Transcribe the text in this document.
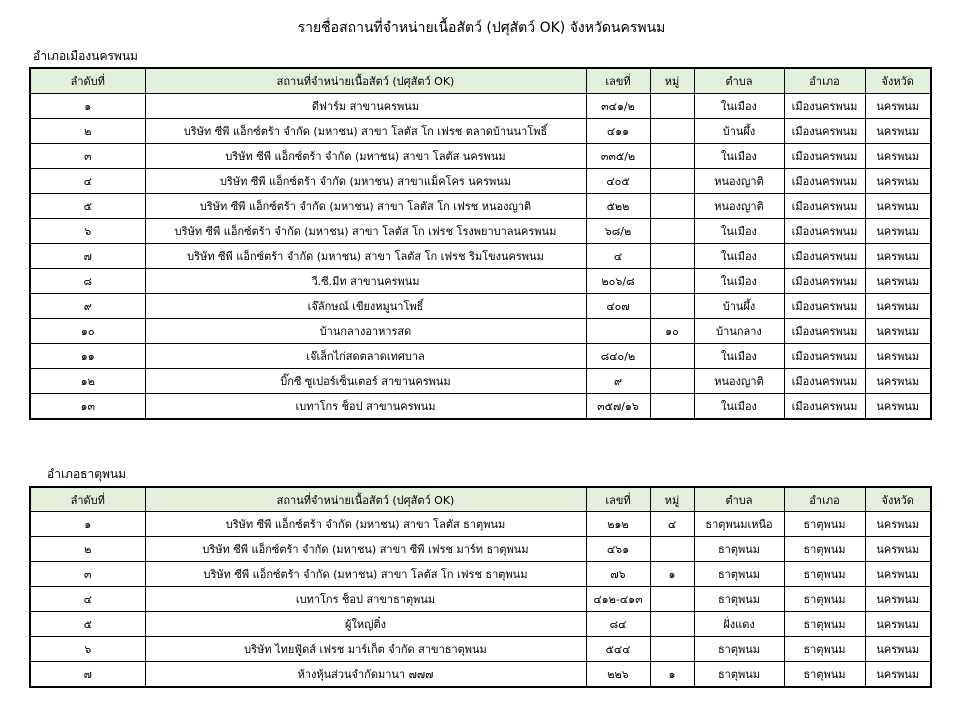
รายชื่อสถานที่จำหน่ายเนื้อสัตว์ (ปศุสัตว์ OK) จังหวัดนครพนม
อำเภอเมืองนครพนม
ลำดับที่	สถานที่จำหน่ายเนื้อสัตว์ (ปศุสัตว์ OK)	เลขที่	หมู่	ตำบล	อำเภอ	จังหวัด
๑	ดีฟาร์ม สาขานครพนม	๓๔๑/๒		ในเมือง	เมืองนครพนม	นครพนม
๒	บริษัท ซีพี แอ็กซ์ตร้า จำกัด (มหาชน) สาขา โลตัส โก เฟรช ตลาดบ้านนาโพธิ์	๔๑๑		บ้านผึ้ง	เมืองนครพนม	นครพนม
๓	บริษัท ซีพี แอ็กซ์ตร้า จำกัด (มหาชน) สาขา โลตัส นครพนม	๓๓๕/๒		ในเมือง	เมืองนครพนม	นครพนม
๔	บริษัท ซีพี แอ็กซ์ตร้า จำกัด (มหาชน) สาขาแม็คโคร นครพนม	๔๐๕		หนองญาติ	เมืองนครพนม	นครพนม
๕	บริษัท ซีพี แอ็กซ์ตร้า จำกัด (มหาชน) สาขา โลตัส โก เฟรช หนองญาติ	๕๒๒		หนองญาติ	เมืองนครพนม	นครพนม
๖	บริษัท ซีพี แอ็กซ์ตร้า จำกัด (มหาชน) สาขา โลตัส โก เฟรช โรงพยาบาลนครพนม	๖๘/๒		ในเมือง	เมืองนครพนม	นครพนม
๗	บริษัท ซีพี แอ็กซ์ตร้า จำกัด (มหาชน) สาขา โลตัส โก เฟรช ริมโขงนครพนม	๔		ในเมือง	เมืองนครพนม	นครพนม
๘	วี.ซี.มีท สาขานครพนม	๒๐๖/๘		ในเมือง	เมืองนครพนม	นครพนม
๙	เจ๊ลักษณ์ เขียงหมูนาโพธิ์	๔๐๗		บ้านผึ้ง	เมืองนครพนม	นครพนม
๑๐	บ้านกลางอาหารสด		๑๐	บ้านกลาง	เมืองนครพนม	นครพนม
๑๑	เจ๊เล็กไก่สดตลาดเทศบาล	๘๔๐/๒		ในเมือง	เมืองนครพนม	นครพนม
๑๒	บิ๊กซี ซูเปอร์เซ็นเตอร์ สาขานครพนม	๙		หนองญาติ	เมืองนครพนม	นครพนม
๑๓	เบทาโกร ช็อป สาขานครพนม	๓๕๗/๑๖		ในเมือง	เมืองนครพนม	นครพนม
อำเภอธาตุพนม
ลำดับที่	สถานที่จำหน่ายเนื้อสัตว์ (ปศุสัตว์ OK)	เลขที่	หมู่	ตำบล	อำเภอ	จังหวัด
๑	บริษัท ซีพี แอ็กซ์ตร้า จำกัด (มหาชน) สาขา โลตัส ธาตุพนม	๒๑๒	๔	ธาตุพนมเหนือ	ธาตุพนม	นครพนม
๒	บริษัท ซีพี แอ็กซ์ตร้า จำกัด (มหาชน) สาขา ซีพี เฟรช มาร์ท ธาตุพนม	๔๖๑		ธาตุพนม	ธาตุพนม	นครพนม
๓	บริษัท ซีพี แอ็กซ์ตร้า จำกัด (มหาชน) สาขา โลตัส โก เฟรช ธาตุพนม	๗๖	๑	ธาตุพนม	ธาตุพนม	นครพนม
๔	เบทาโกร ช็อป สาขาธาตุพนม	๔๑๒-๔๑๓		ธาตุพนม	ธาตุพนม	นครพนม
๕	ผู้ใหญ่ติ๋ง	๘๔		ฝั่งแดง	ธาตุพนม	นครพนม
๖	บริษัท ไทยฟู้ดส์ เฟรช มาร์เก็ต จำกัด สาขาธาตุพนม	๕๔๔		ธาตุพนม	ธาตุพนม	นครพนม
๗	ห้างหุ้นส่วนจำกัดมานา ๗๗๗	๒๒๖	๑	ธาตุพนม	ธาตุพนม	นครพนม
